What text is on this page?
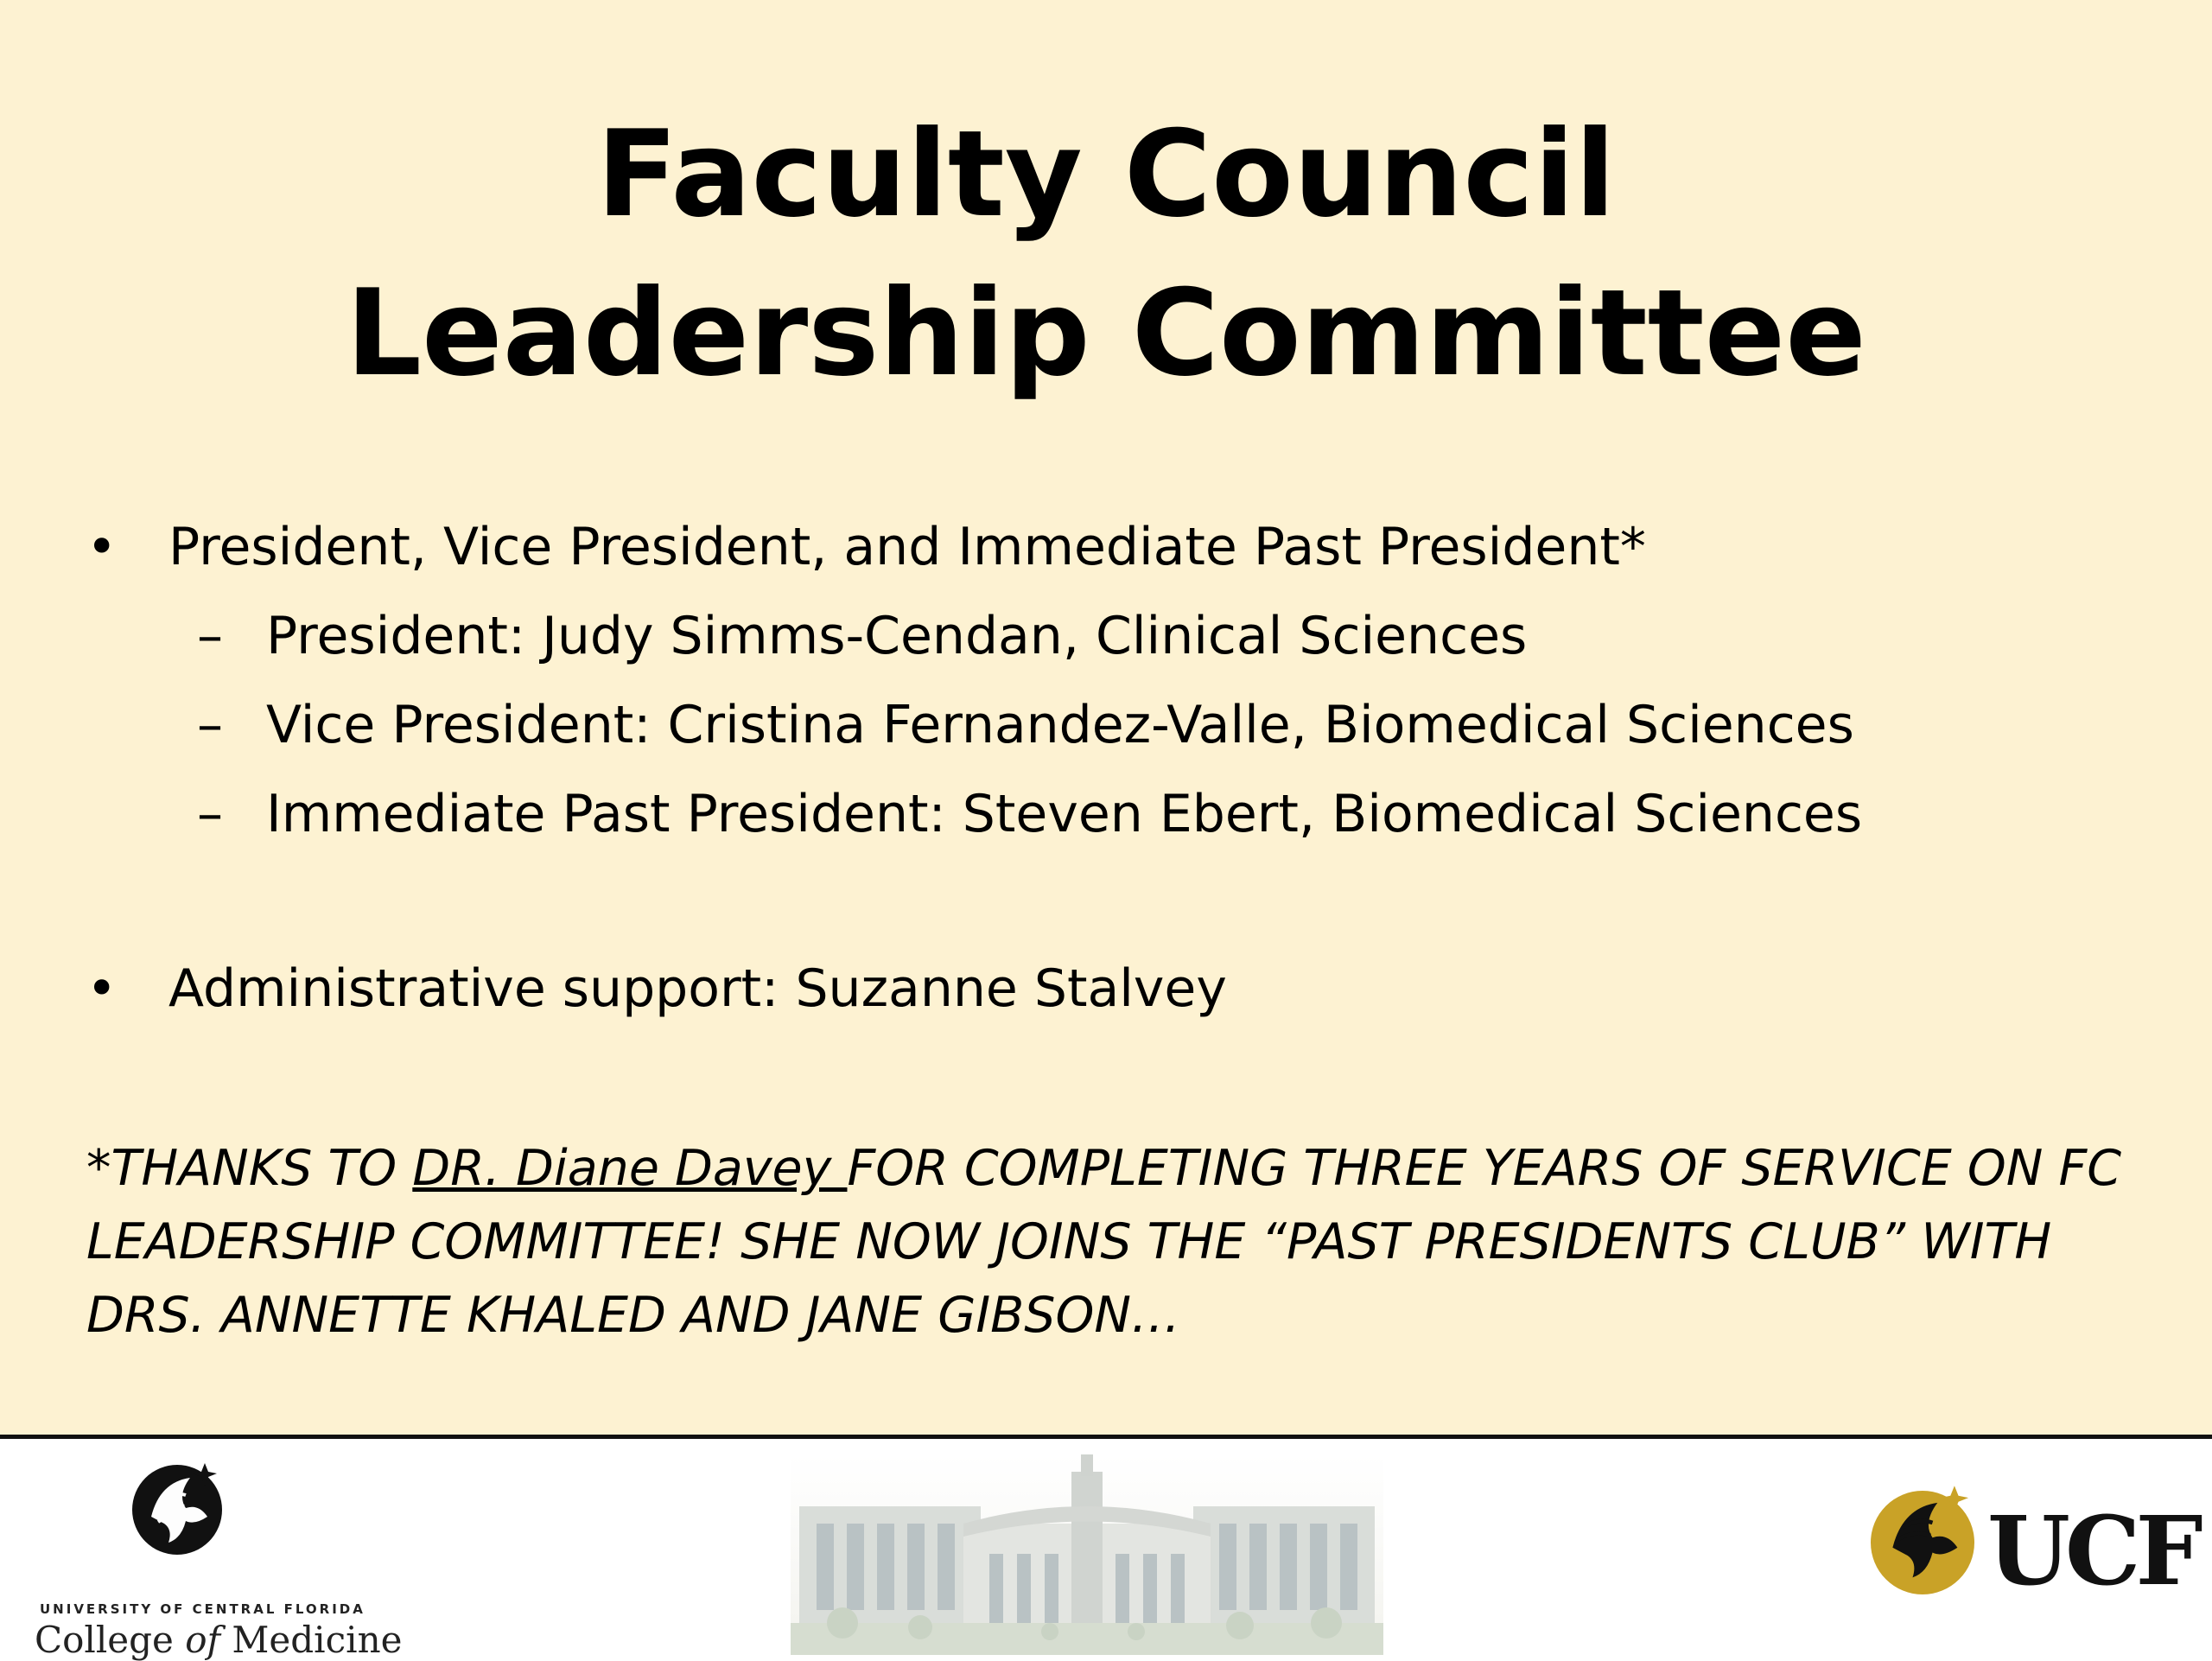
Faculty Council
Leadership Committee
• President, Vice President, and Immediate Past President*
– President: Judy Simms-Cendan, Clinical Sciences
– Vice President: Cristina Fernandez-Valle, Biomedical Sciences
– Immediate Past President: Steven Ebert, Biomedical Sciences
• Administrative support: Suzanne Stalvey
*THANKS TO DR. Diane Davey FOR COMPLETING THREE YEARS OF SERVICE ON FC LEADERSHIP COMMITTEE! SHE NOW JOINS THE “PAST PRESIDENTS CLUB” WITH DRS. ANNETTE KHALED AND JANE GIBSON…
UNIVERSITY OF CENTRAL FLORIDA
College of Medicine
UCF
